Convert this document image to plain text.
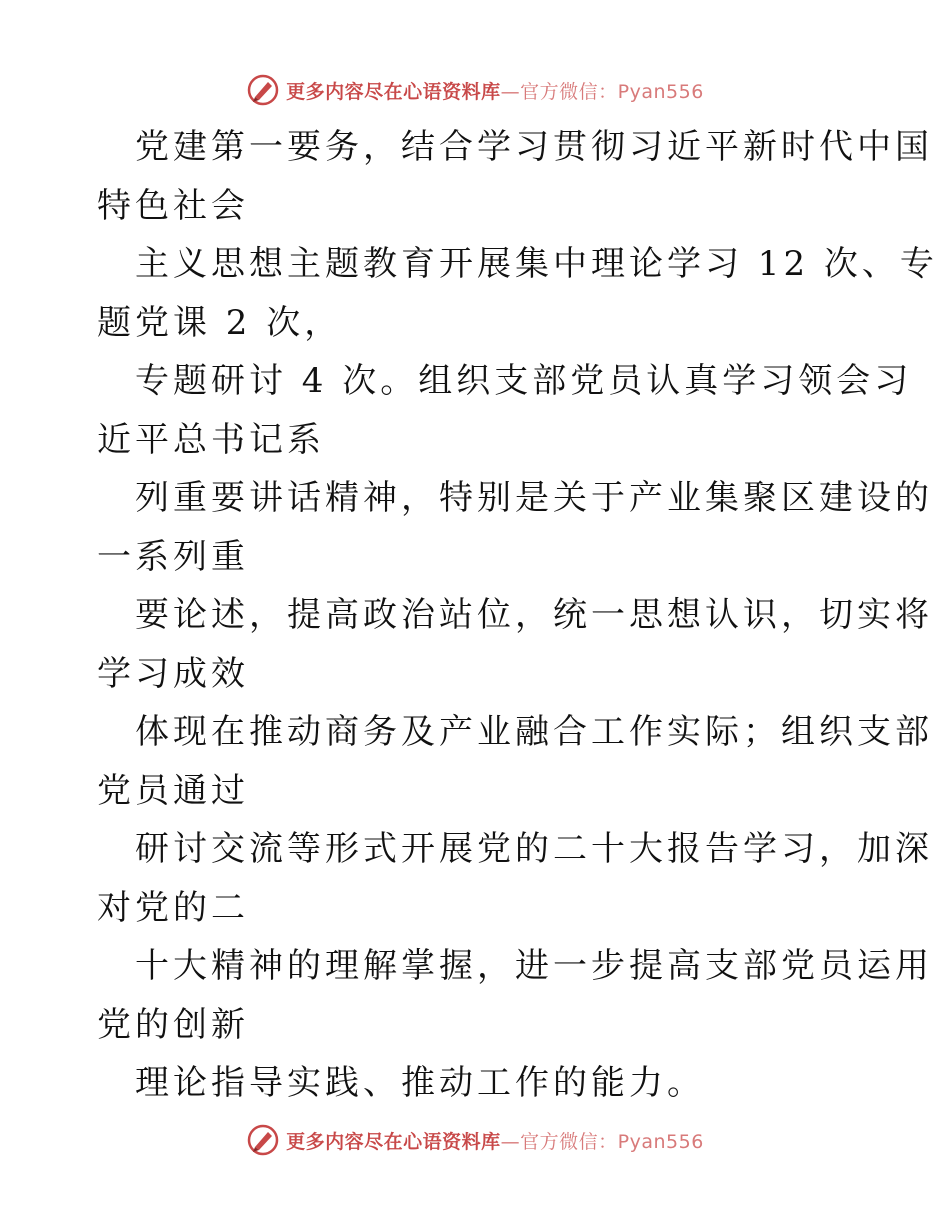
更多内容尽在心语资料库—官方微信：Pyan556
党建第一要务，结合学习贯彻习近平新时代中国
特色社会
主义思想主题教育开展集中理论学习 12 次、专
题党课 2 次，
专题研讨 4 次。组织支部党员认真学习领会习
近平总书记系
列重要讲话精神，特别是关于产业集聚区建设的
一系列重
要论述，提高政治站位，统一思想认识，切实将
学习成效
体现在推动商务及产业融合工作实际；组织支部
党员通过
研讨交流等形式开展党的二十大报告学习，加深
对党的二
十大精神的理解掌握，进一步提高支部党员运用
党的创新
理论指导实践、推动工作的能力。
更多内容尽在心语资料库—官方微信：Pyan556
